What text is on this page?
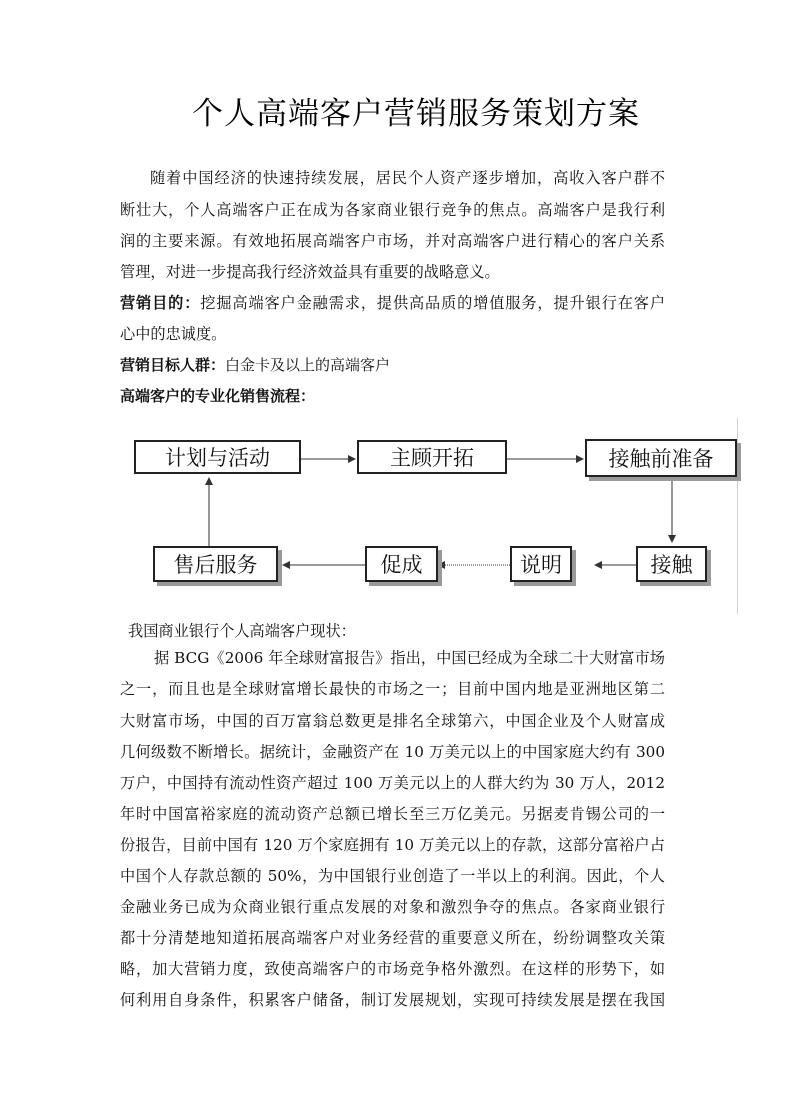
个人高端客户营销服务策划方案
随着中国经济的快速持续发展，居民个人资产逐步增加，高收入客户群不
断壮大，个人高端客户正在成为各家商业银行竞争的焦点。高端客户是我行利
润的主要来源。有效地拓展高端客户市场，并对高端客户进行精心的客户关系
管理，对进一步提高我行经济效益具有重要的战略意义。
营销目的：挖掘高端客户金融需求，提供高品质的增值服务，提升银行在客户
心中的忠诚度。
营销目标人群：白金卡及以上的高端客户
高端客户的专业化销售流程：
计划与活动	主顾开拓	接触前准备
接触
说明
促成
售后服务
我国商业银行个人高端客户现状：
据 BCG《2006 年全球财富报告》指出，中国已经成为全球二十大财富市场
之一，而且也是全球财富增长最快的市场之一；目前中国内地是亚洲地区第二
大财富市场，中国的百万富翁总数更是排名全球第六，中国企业及个人财富成
几何级数不断增长。据统计，金融资产在 10 万美元以上的中国家庭大约有 300
万户，中国持有流动性资产超过 100 万美元以上的人群大约为 30 万人，2012
年时中国富裕家庭的流动资产总额已增长至三万亿美元。另据麦肯锡公司的一
份报告，目前中国有 120 万个家庭拥有 10 万美元以上的存款，这部分富裕户占
中国个人存款总额的 50%，为中国银行业创造了一半以上的利润。因此，个人
金融业务已成为众商业银行重点发展的对象和激烈争夺的焦点。各家商业银行
都十分清楚地知道拓展高端客户对业务经营的重要意义所在，纷纷调整攻关策
略，加大营销力度，致使高端客户的市场竞争格外激烈。在这样的形势下，如
何利用自身条件，积累客户储备，制订发展规划，实现可持续发展是摆在我国
